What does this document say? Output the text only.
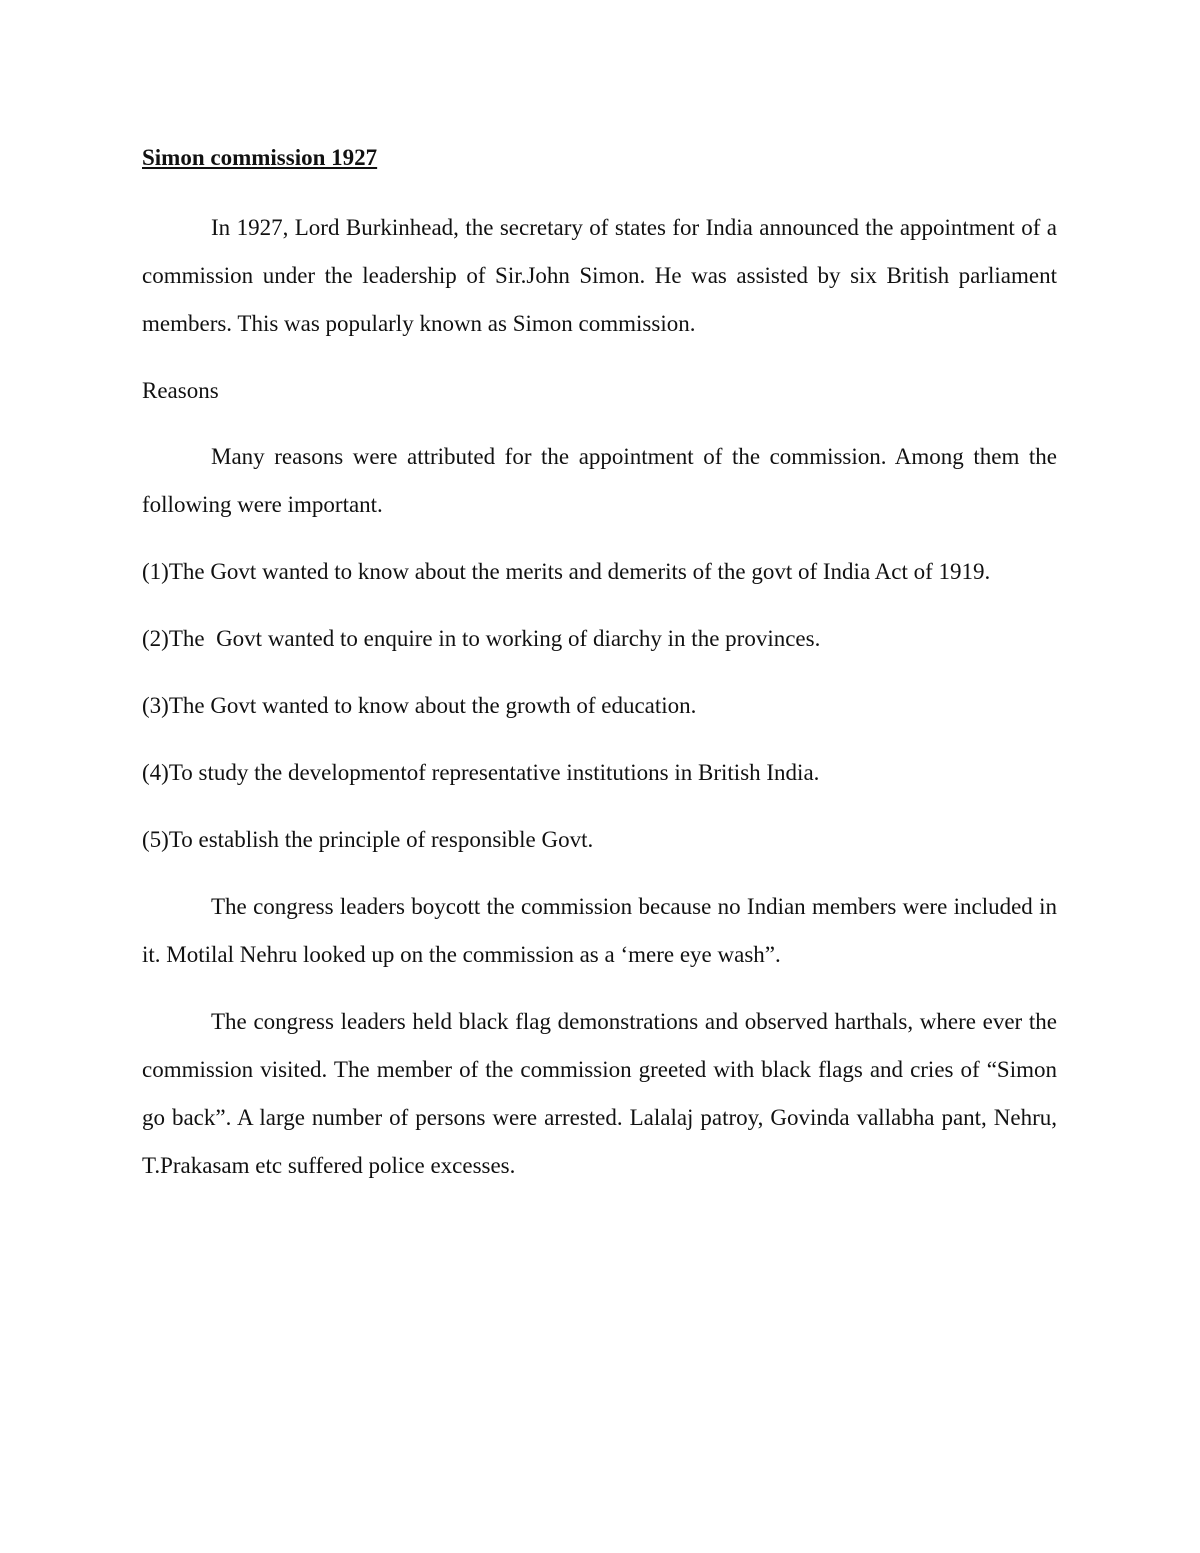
Simon commission 1927

In 1927, Lord Burkinhead, the secretary of states for India announced the appointment of a commission under the leadership of Sir.John Simon. He was assisted by six British parliament members. This was popularly known as Simon commission.

Reasons

Many reasons were attributed for the appointment of the commission. Among them the following were important.

(1)The Govt wanted to know about the merits and demerits of the govt of India Act of 1919.

(2)The  Govt wanted to enquire in to working of diarchy in the provinces.

(3)The Govt wanted to know about the growth of education.

(4)To study the developmentof representative institutions in British India.

(5)To establish the principle of responsible Govt.

The congress leaders boycott the commission because no Indian members were included in it. Motilal Nehru looked up on the commission as a ‘mere eye wash”.

The congress leaders held black flag demonstrations and observed harthals, where ever the commission visited. The member of the commission greeted with black flags and cries of “Simon go back”. A large number of persons were arrested. Lalalaj patroy, Govinda vallabha pant, Nehru, T.Prakasam etc suffered police excesses.
